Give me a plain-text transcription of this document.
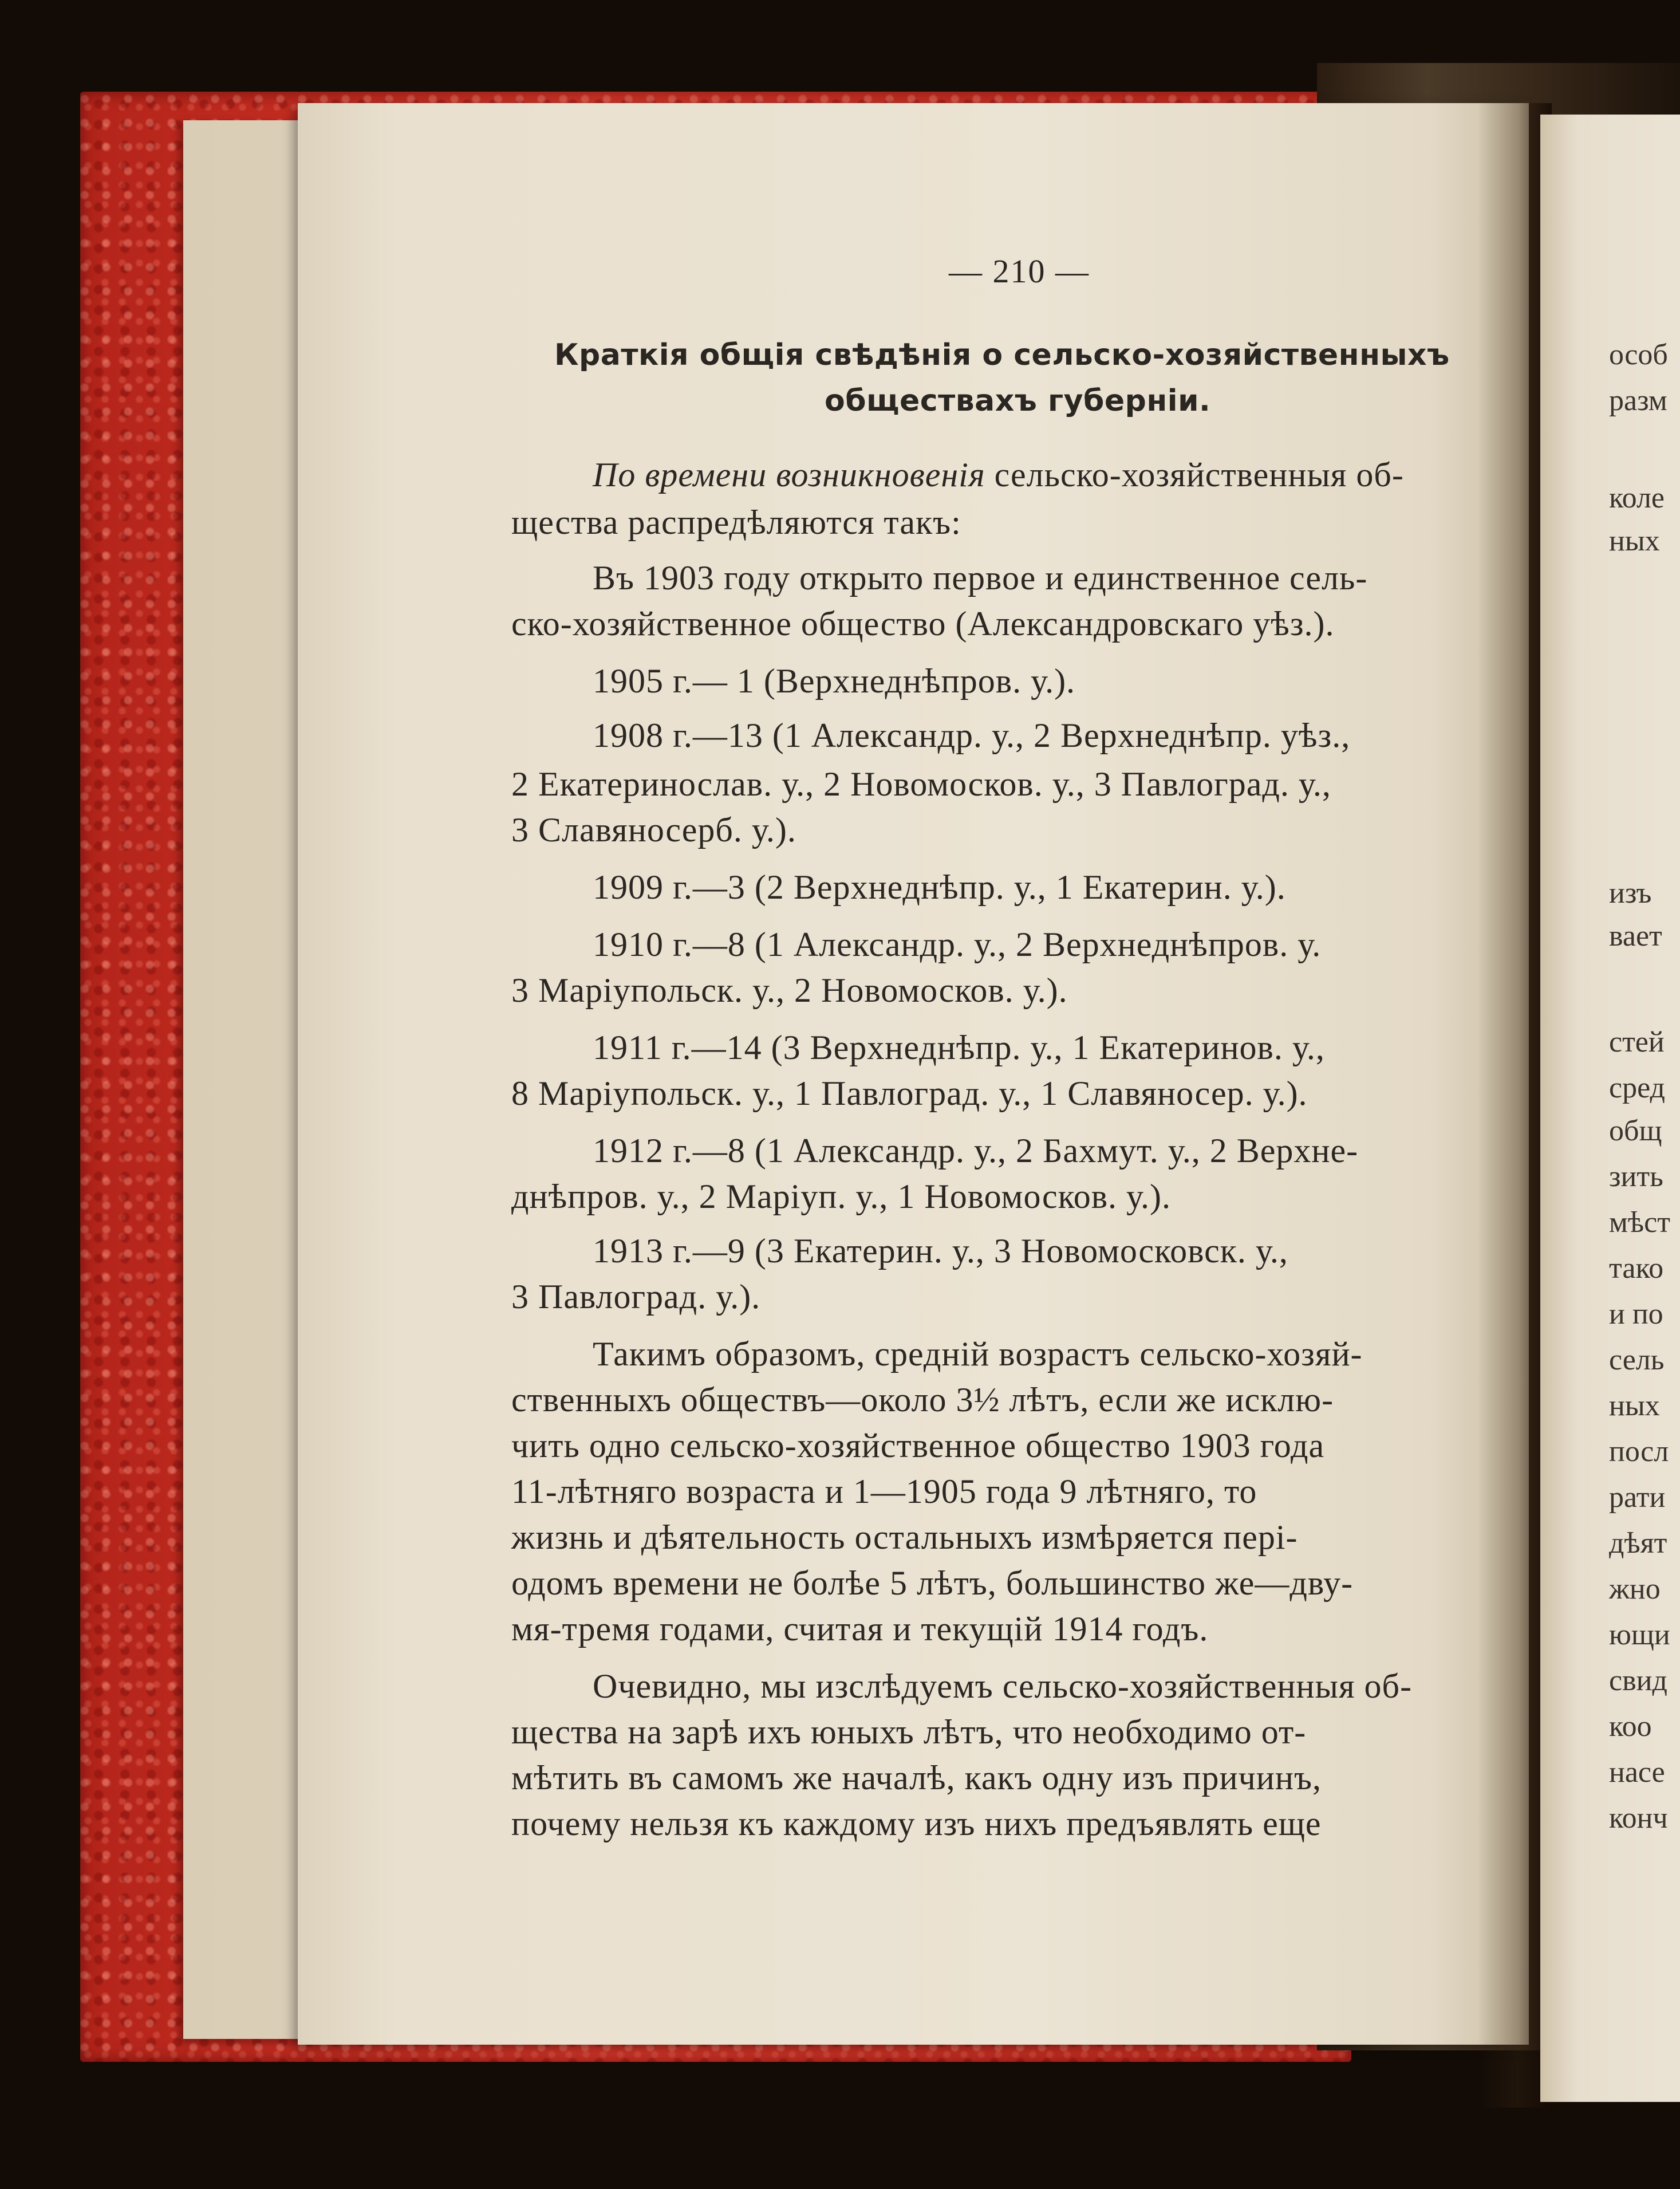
— 210 —
Краткія общія свѣдѣнія о сельско-хозяйственныхъ
обществахъ губерніи.
По времени возникновенія сельско-хозяйственныя об-
щества распредѣляются такъ:
Въ 1903 году открыто первое и единственное сель-
ско-хозяйственное общество (Александровскаго уѣз.).
1905 г.— 1 (Верхнеднѣпров. у.).
1908 г.—13 (1 Александр. у., 2 Верхнеднѣпр. уѣз.,
2 Екатеринослав. у., 2 Новомосков. у., 3 Павлоград. у.,
3 Славяносерб. у.).
1909 г.—3 (2 Верхнеднѣпр. у., 1 Екатерин. у.).
1910 г.—8 (1 Александр. у., 2 Верхнеднѣпров. у.
3 Маріупольск. у., 2 Новомосков. у.).
1911 г.—14 (3 Верхнеднѣпр. у., 1 Екатеринов. у.,
8 Маріупольск. у., 1 Павлоград. у., 1 Славяносер. у.).
1912 г.—8 (1 Александр. у., 2 Бахмут. у., 2 Верхне-
днѣпров. у., 2 Маріуп. у., 1 Новомосков. у.).
1913 г.—9 (3 Екатерин. у., 3 Новомосковск. у.,
3 Павлоград. у.).
Такимъ образомъ, средній возрастъ сельско-хозяй-
ственныхъ обществъ—около 3½ лѣтъ, если же исклю-
чить одно сельско-хозяйственное общество 1903 года
11-лѣтняго возраста и 1—1905 года 9 лѣтняго, то
жизнь и дѣятельность остальныхъ измѣряется пері-
одомъ времени не болѣе 5 лѣтъ, большинство же—дву-
мя-тремя годами, считая и текущій 1914 годъ.
Очевидно, мы изслѣдуемъ сельско-хозяйственныя об-
щества на зарѣ ихъ юныхъ лѣтъ, что необходимо от-
мѣтить въ самомъ же началѣ, какъ одну изъ причинъ,
почему нельзя къ каждому изъ нихъ предъявлять еще
особ
разм
коле
ных
изъ
вает
стей
сред
общ
зить
мѣст
тако
и по
сель
ных
посл
рати
дѣят
жно
ющи
свид
коо
насе
конч
